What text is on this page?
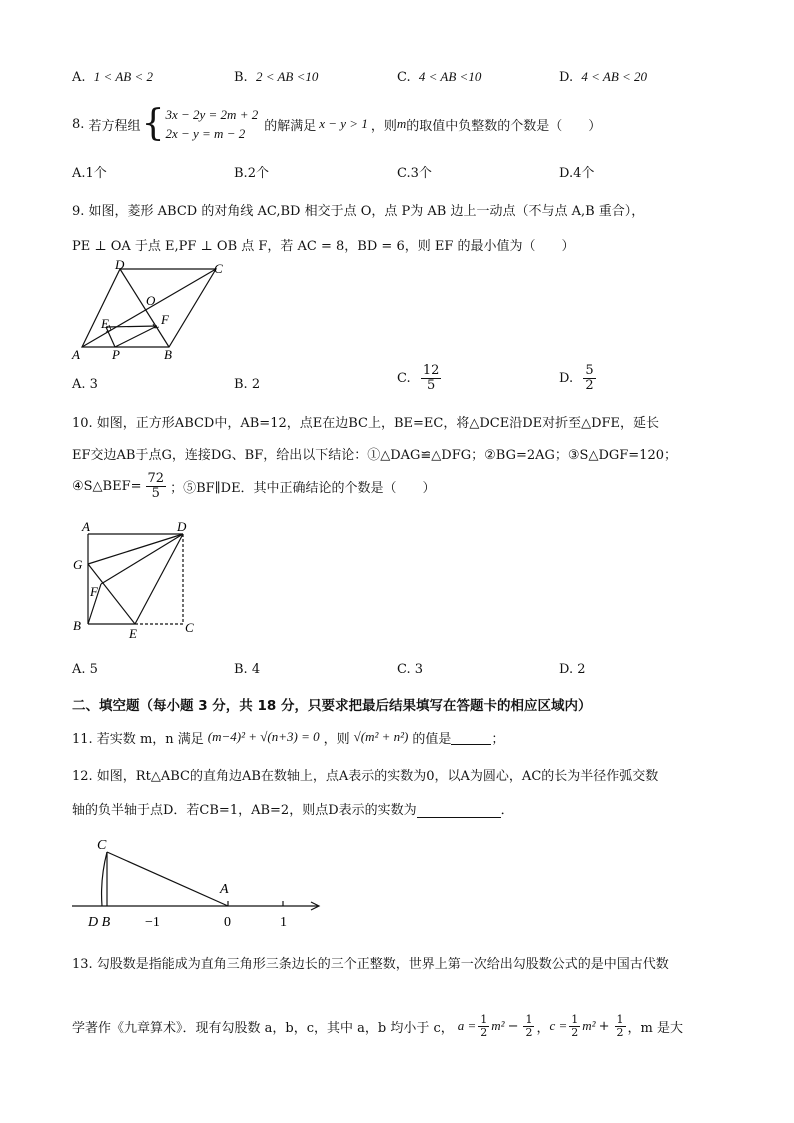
A. 1 < AB < 2	B. 2 < AB <10	C. 4 < AB <10	D. 4 < AB < 20
8.
若方程组 { 3x − 2y = 2m + 2
2x − y = m − 2	的解满足 x − y > 1 ，则 m 的取值中负整数的个数是（　　）
A.1个	B.2个	C.3个	D.4个
9. 如图，菱形 ABCD 的对角线 AC,BD 相交于点 O，点 P为 AB 边上一动点（不与点 A,B 重合），
PE ⊥ OA 于点 E,PF ⊥ OB 点 F，若 AC = 8，BD = 6，则 EF 的最小值为（　　）
D	C
O
E	F
A P	B
A. 3	B. 2	C.
$\frac{12}{5}$	D.
$\frac{5}{2}$
10. 如图，正方形ABCD中，AB=12，点E在边BC上，BE=EC，将△DCE沿DE对折至△DFE，延长
EF交边AB于点G，连接DG、BF，给出以下结论：①△DAG≌△DFG；②BG=2AG；③S△DGF=120；
④S△BEF= $\frac{72}{5}$ ；⑤BF∥DE．其中正确结论的个数是（　　）
A	D
G
F
B
E	C
A. 5	B. 4	C. 3	D. 2
二、填空题（每小题 3 分，共 18 分，只要求把最后结果填写在答题卡的相应区域内）
11. 若实数 m，n 满足 (m−4)² + √(n+3) = 0 ，则 √(m² + n²) 的值是	；
12. 如图，Rt△ABC的直角边AB在数轴上，点A表示的实数为0，以A为圆心，AC的长为半径作弧交数
轴的负半轴于点D．若CB=1，AB=2，则点D表示的实数为	．
C
A
D B −1	0	1
13. 勾股数是指能成为直角三角形三条边长的三个正整数，世界上第一次给出勾股数公式的是中国古代数
学著作《九章算术》．现有勾股数 a，b，c，其中 a，b 均小于 c， $a = \frac{1}{2} m^2 - \frac{1}{2}$ ， $c = \frac{1}{2} m^2 + \frac{1}{2}$ ，m 是大
